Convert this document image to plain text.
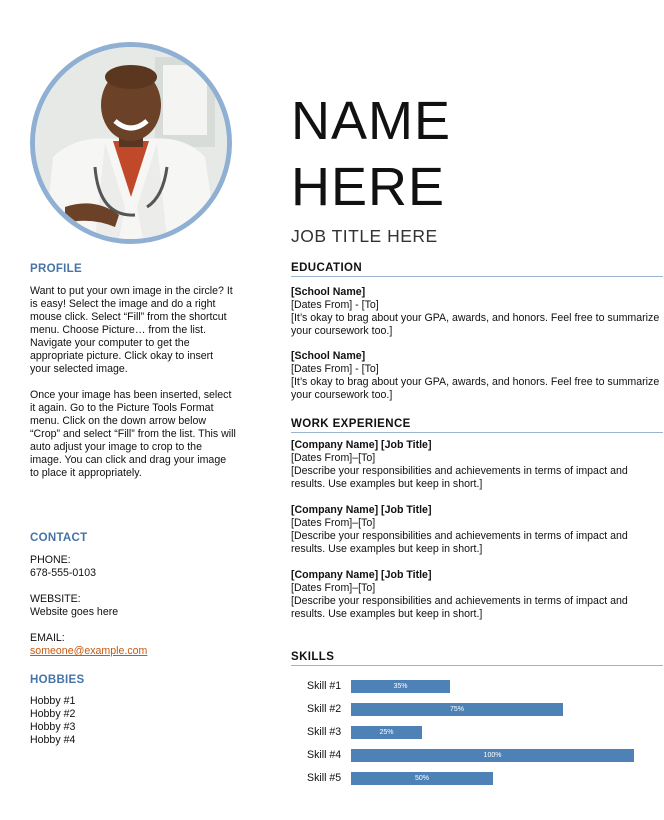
PROFILE
Want to put your own image in the circle? It is easy! Select the image and do a right mouse click. Select “Fill” from the shortcut menu. Choose Picture… from the list. Navigate your computer to get the appropriate picture. Click okay to insert your selected image.
Once your image has been inserted, select it again. Go to the Picture Tools Format menu. Click on the down arrow below “Crop” and select “Fill” from the list. This will auto adjust your image to crop to the image. You can click and drag your image to place it appropriately.
CONTACT
PHONE:
678-555-0103
WEBSITE:
Website goes here
EMAIL:
someone@example.com
HOBBIES
Hobby #1
Hobby #2
Hobby #3
Hobby #4
NAME
HERE
JOB TITLE HERE
EDUCATION
[School Name]
[Dates From] - [To]
[It’s okay to brag about your GPA, awards, and honors. Feel free to summarize your coursework too.]
[School Name]
[Dates From] - [To]
[It’s okay to brag about your GPA, awards, and honors. Feel free to summarize your coursework too.]
WORK EXPERIENCE
[Company Name] [Job Title]
[Dates From]–[To]
[Describe your responsibilities and achievements in terms of impact and results. Use examples but keep in short.]
[Company Name] [Job Title]
[Dates From]–[To]
[Describe your responsibilities and achievements in terms of impact and results. Use examples but keep in short.]
[Company Name] [Job Title]
[Dates From]–[To]
[Describe your responsibilities and achievements in terms of impact and results. Use examples but keep in short.]
SKILLS
Skill #1	35%
Skill #2	75%
Skill #3	25%
Skill #4	100%
Skill #5	50%
